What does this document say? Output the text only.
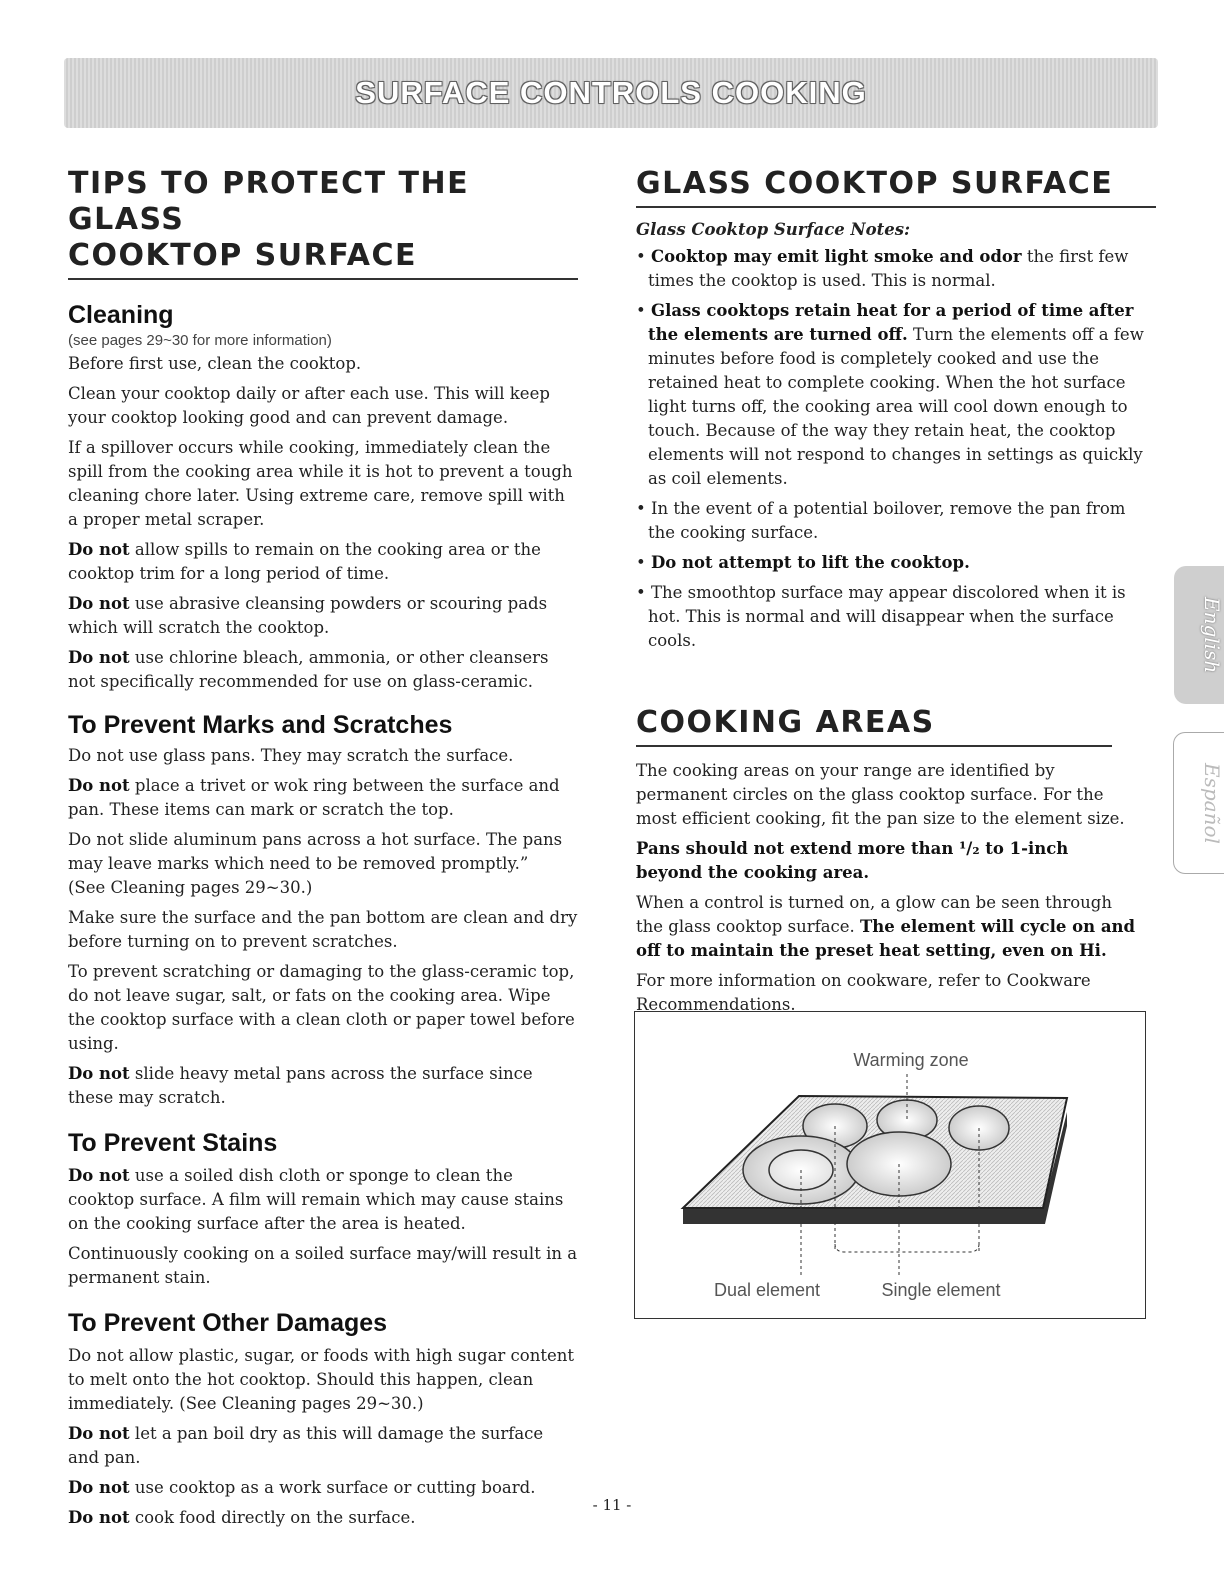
SURFACE CONTROLS COOKING
TIPS TO PROTECT THE GLASS
COOKTOP SURFACE
Cleaning

(see pages 29~30 for more information)

Before first use, clean the cooktop.

Clean your cooktop daily or after each use. This will keep your cooktop looking good and can prevent damage.

If a spillover occurs while cooking, immediately clean the spill from the cooking area while it is hot to prevent a tough cleaning chore later. Using extreme care, remove spill with a proper metal scraper.

Do not allow spills to remain on the cooking area or the cooktop trim for a long period of time.

Do not use abrasive cleansing powders or scouring pads which will scratch the cooktop.

Do not use chlorine bleach, ammonia, or other cleansers not specifically recommended for use on glass-ceramic.

To Prevent Marks and Scratches

Do not use glass pans. They may scratch the surface.

Do not place a trivet or wok ring between the surface and pan. These items can mark or scratch the top.

Do not slide aluminum pans across a hot surface. The pans may leave marks which need to be removed promptly.”
(See Cleaning pages 29~30.)

Make sure the surface and the pan bottom are clean and dry before turning on to prevent scratches.

To prevent scratching or damaging to the glass-ceramic top, do not leave sugar, salt, or fats on the cooking area. Wipe the cooktop surface with a clean cloth or paper towel before using.

Do not slide heavy metal pans across the surface since these may scratch.

To Prevent Stains

Do not use a soiled dish cloth or sponge to clean the cooktop surface. A film will remain which may cause stains on the cooking surface after the area is heated.

Continuously cooking on a soiled surface may/will result in a permanent stain.

To Prevent Other Damages

Do not allow plastic, sugar, or foods with high sugar content to melt onto the hot cooktop. Should this happen, clean immediately. (See Cleaning pages 29~30.)

Do not let a pan boil dry as this will damage the surface and pan.

Do not use cooktop as a work surface or cutting board.

Do not cook food directly on the surface.

GLASS COOKTOP SURFACE
Glass Cooktop Surface Notes:
• Cooktop may emit light smoke and odor the first few times the cooktop is used. This is normal.
• Glass cooktops retain heat for a period of time after the elements are turned off. Turn the elements off a few minutes before food is completely cooked and use the retained heat to complete cooking. When the hot surface light turns off, the cooking area will cool down enough to touch. Because of the way they retain heat, the cooktop elements will not respond to changes in settings as quickly as coil elements.
• In the event of a potential boilover, remove the pan from the cooking surface.
• Do not attempt to lift the cooktop.
• The smoothtop surface may appear discolored when it is hot. This is normal and will disappear when the surface cools.
COOKING AREAS

The cooking areas on your range are identified by permanent circles on the glass cooktop surface. For the most efficient cooking, fit the pan size to the element size.

Pans should not extend more than ¹/₂ to 1-inch beyond the cooking area.

When a control is turned on, a glow can be seen through the glass cooktop surface. The element will cycle on and off to maintain the preset heat setting, even on Hi.

For more information on cookware, refer to Cookware Recommendations.

Warming zone
Dual element	Single element
English
Español
- 11 -
